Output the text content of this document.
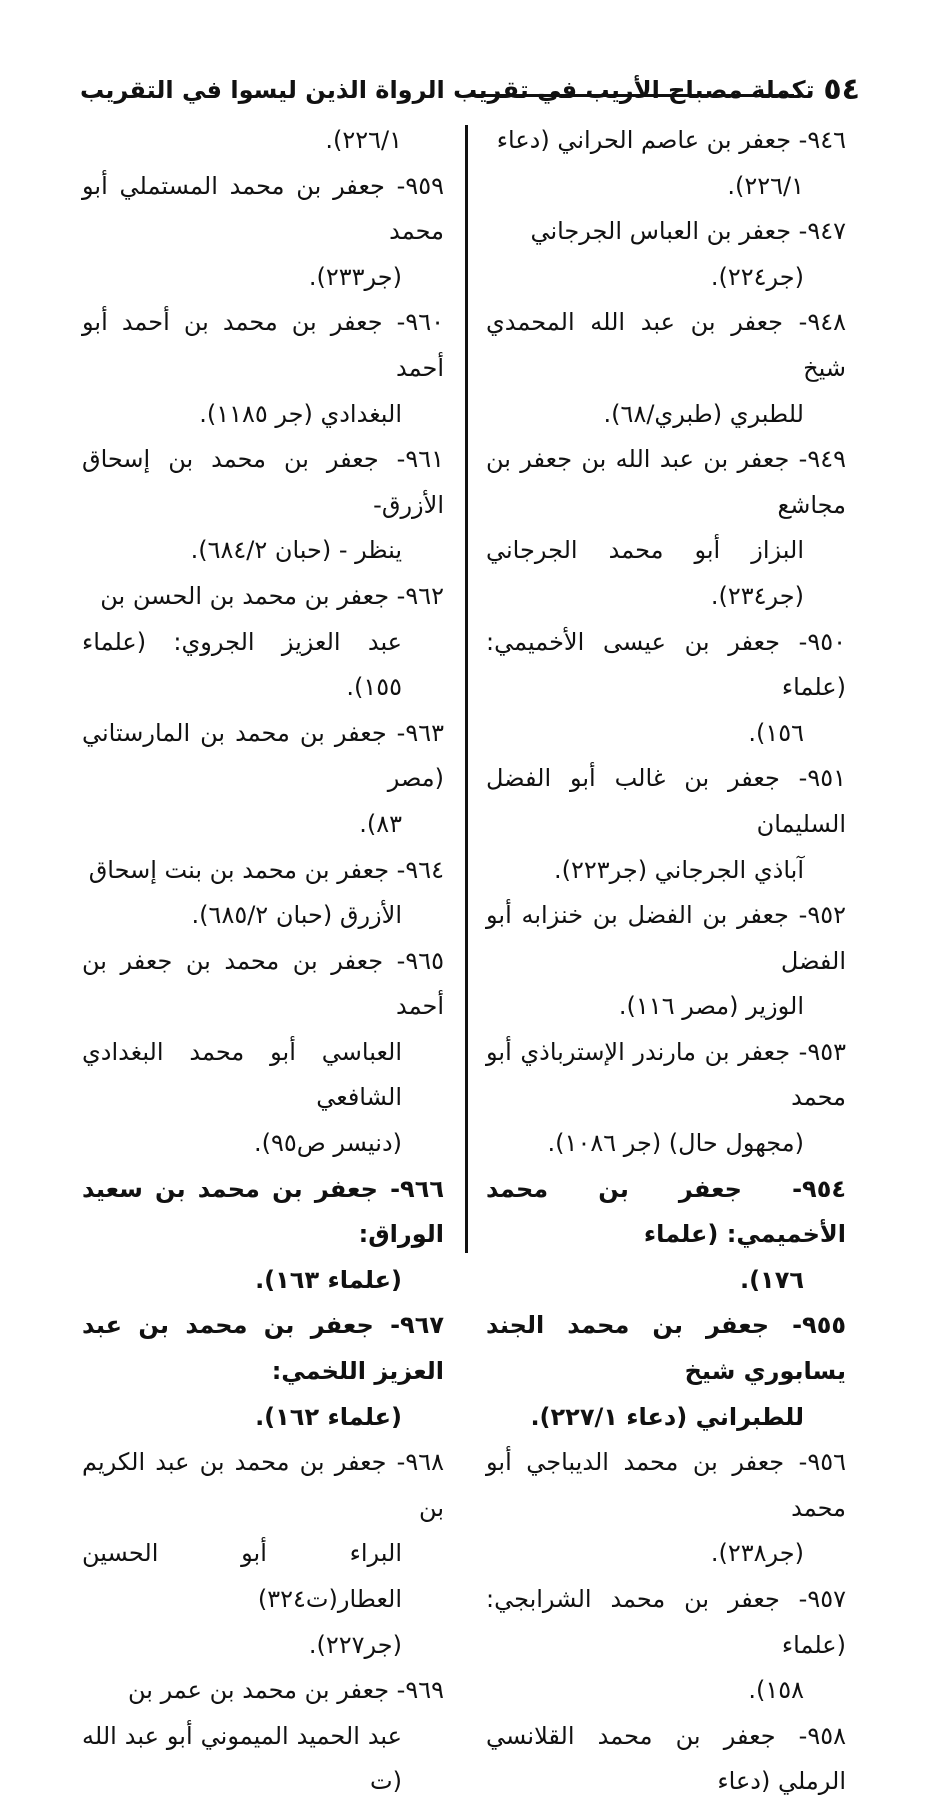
٥٤
تكملة مصباح الأريب في تقريب الرواة الذين ليسوا في التقريب

٩٤٦- جعفر بن عاصم الحراني (دعاء
٢٢٦/١).

٩٤٧- جعفر بن العباس الجرجاني
(جر٢٢٤).

٩٤٨- جعفر بن عبد الله المحمدي شيخ
للطبري (طبري/٦٨).

٩٤٩- جعفر بن عبد الله بن جعفر بن مجاشع
البزاز أبو محمد الجرجاني (جر٢٣٤).

٩٥٠- جعفر بن عيسى الأخميمي: (علماء
١٥٦).

٩٥١- جعفر بن غالب أبو الفضل السليمان
آباذي الجرجاني (جر٢٢٣).

٩٥٢- جعفر بن الفضل بن خنزابه أبو الفضل
الوزير (مصر ١١٦).

٩٥٣- جعفر بن مارندر الإسترباذي أبو محمد
(مجهول حال) (جر ١٠٨٦).

٩٥٤- جعفر بن محمد الأخميمي: (علماء
١٧٦).

٩٥٥- جعفر بن محمد الجند يسابوري شيخ
للطبراني (دعاء ٢٢٧/١).

٩٥٦- جعفر بن محمد الديباجي أبو محمد
(جر٢٣٨).

٩٥٧- جعفر بن محمد الشرابجي: (علماء
١٥٨).

٩٥٨- جعفر بن محمد القلانسي الرملي (دعاء

٢٢٦/١).

٩٥٩- جعفر بن محمد المستملي أبو محمد
(جر٢٣٣).

٩٦٠- جعفر بن محمد بن أحمد أبو أحمد
البغدادي (جر ١١٨٥).

٩٦١- جعفر بن محمد بن إسحاق الأزرق-
ينظر - (حبان ٦٨٤/٢).

٩٦٢- جعفر بن محمد بن الحسن بن
عبد العزيز الجروي: (علماء ١٥٥).

٩٦٣- جعفر بن محمد بن المارستاني (مصر
٨٣).

٩٦٤- جعفر بن محمد بن بنت إسحاق
الأزرق (حبان ٦٨٥/٢).

٩٦٥- جعفر بن محمد بن جعفر بن أحمد
العباسي أبو محمد البغدادي الشافعي
(دنيسر ص٩٥).

٩٦٦- جعفر بن محمد بن سعيد الوراق:
(علماء ١٦٣).

٩٦٧- جعفر بن محمد بن عبد العزيز اللخمي:
(علماء ١٦٢).

٩٦٨- جعفر بن محمد بن عبد الكريم بن
البراء أبو الحسين العطار(ت٣٢٤)
(جر٢٢٧).

٩٦٩- جعفر بن محمد بن عمر بن
عبد الحميد الميموني أبو عبد الله (ت
